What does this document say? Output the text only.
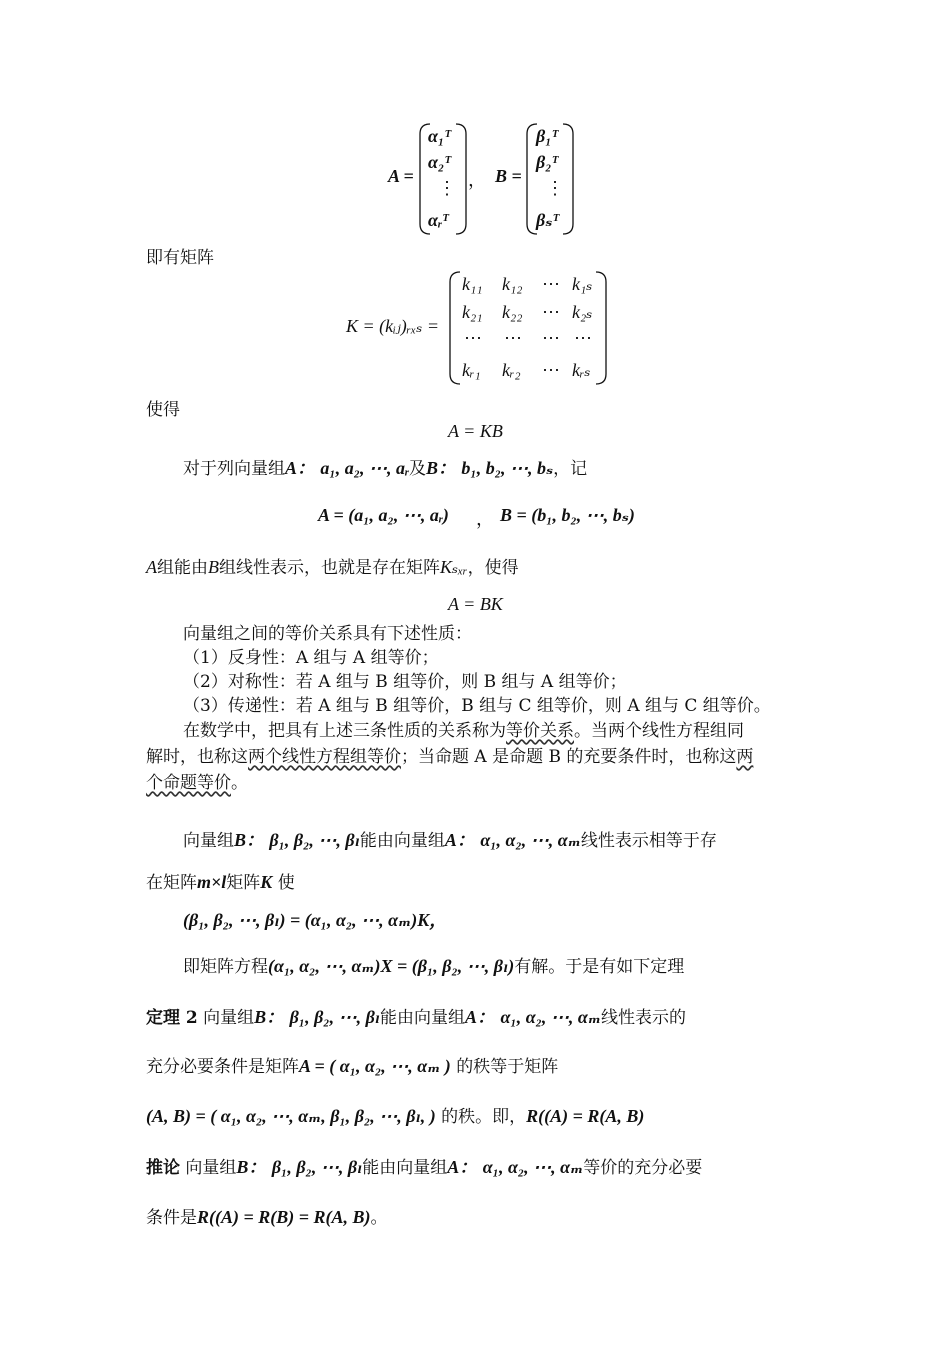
A =	， B =
α₁ᵀ
α₂ᵀ
⋮
αᵣᵀ
β₁ᵀ
β₂ᵀ
⋮
βₛᵀ
即有矩阵
K = (kᵢⱼ)ᵣₓₛ =
k₁₁ k₁₂ ⋯ k₁ₛ
k₂₁ k₂₂ ⋯ k₂ₛ
⋯ ⋯ ⋯ ⋯
kᵣ₁ kᵣ₂ ⋯ kᵣₛ
使得
A = KB
对于列向量组A： a₁, a₂, ⋯, aᵣ及B： b₁, b₂, ⋯, bₛ，记
A = (a₁, a₂, ⋯, aᵣ) ， B = (b₁, b₂, ⋯, bₛ)
A组能由B组线性表示，也就是存在矩阵Kₛₓᵣ，使得
A = BK
向量组之间的等价关系具有下述性质：
（1）反身性：A 组与 A 组等价；
（2）对称性：若 A 组与 B 组等价，则 B 组与 A 组等价；
（3）传递性：若 A 组与 B 组等价，B 组与 C 组等价，则 A 组与 C 组等价。
在数学中，把具有上述三条性质的关系称为等价关系。当两个线性方程组同
解时，也称这两个线性方程组等价；当命题 A 是命题 B 的充要条件时，也称这两
个命题等价。
向量组B： β₁, β₂, ⋯, βₗ能由向量组A： α₁, α₂, ⋯, αₘ线性表示相等于存
在矩阵m×l矩阵K 使
(β₁, β₂, ⋯, βₗ) = (α₁, α₂, ⋯, αₘ)K，
即矩阵方程(α₁, α₂, ⋯, αₘ)X = (β₁, β₂, ⋯, βₗ)有解。于是有如下定理
定理 2 向量组B： β₁, β₂, ⋯, βₗ能由向量组A： α₁, α₂, ⋯, αₘ线性表示的
充分必要条件是矩阵A = ( α₁, α₂, ⋯, αₘ ) 的秩等于矩阵
(A, B) = ( α₁, α₂, ⋯, αₘ, β₁, β₂, ⋯, βₗ, ) 的秩。即，R((A) = R(A, B)
推论 向量组B： β₁, β₂, ⋯, βₗ能由向量组A： α₁, α₂, ⋯, αₘ等价的充分必要
条件是R((A) = R(B) = R(A, B)。
